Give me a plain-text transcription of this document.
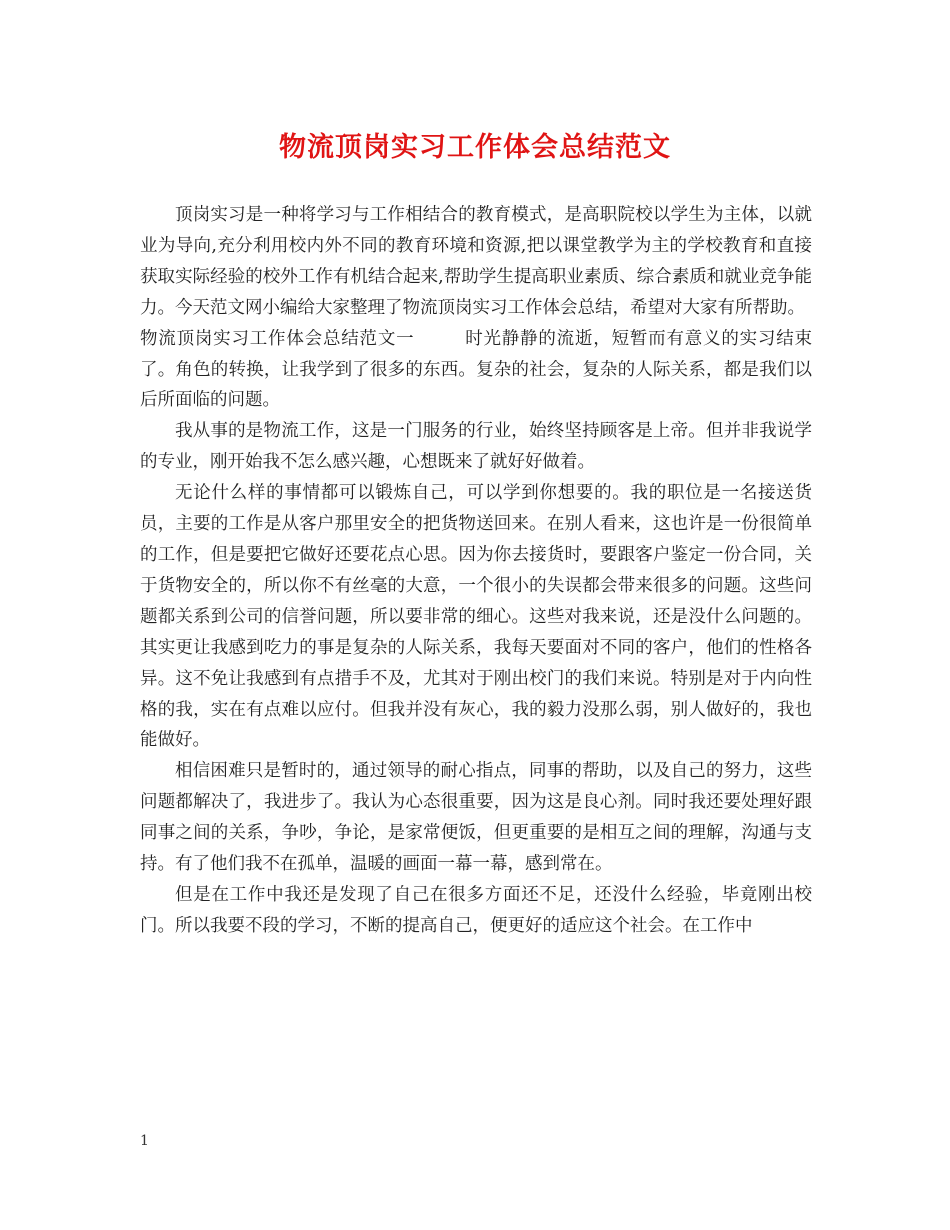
物流顶岗实习工作体会总结范文

顶岗实习是一种将学习与工作相结合的教育模式，是高职院校以学生为主体，以就业为导向,充分利用校内外不同的教育环境和资源,把以课堂教学为主的学校教育和直接获取实际经验的校外工作有机结合起来,帮助学生提高职业素质、综合素质和就业竞争能力。今天范文网小编给大家整理了物流顶岗实习工作体会总结，希望对大家有所帮助。

物流顶岗实习工作体会总结范文一	时光静静的流逝，短暂而有意义的实习结束了。角色的转换，让我学到了很多的东西。复杂的社会，复杂的人际关系，都是我们以后所面临的问题。

我从事的是物流工作，这是一门服务的行业，始终坚持顾客是上帝。但并非我说学的专业，刚开始我不怎么感兴趣，心想既来了就好好做着。

无论什么样的事情都可以锻炼自己，可以学到你想要的。我的职位是一名接送货员，主要的工作是从客户那里安全的把货物送回来。在别人看来，这也许是一份很简单的工作，但是要把它做好还要花点心思。因为你去接货时，要跟客户鉴定一份合同，关于货物安全的，所以你不有丝毫的大意，一个很小的失误都会带来很多的问题。这些问题都关系到公司的信誉问题，所以要非常的细心。这些对我来说，还是没什么问题的。其实更让我感到吃力的事是复杂的人际关系，我每天要面对不同的客户，他们的性格各异。这不免让我感到有点措手不及，尤其对于刚出校门的我们来说。特别是对于内向性格的我，实在有点难以应付。但我并没有灰心，我的毅力没那么弱，别人做好的，我也能做好。

相信困难只是暂时的，通过领导的耐心指点，同事的帮助，以及自己的努力，这些问题都解决了，我进步了。我认为心态很重要，因为这是良心剂。同时我还要处理好跟同事之间的关系，争吵，争论，是家常便饭，但更重要的是相互之间的理解，沟通与支持。有了他们我不在孤单，温暖的画面一幕一幕，感到常在。

但是在工作中我还是发现了自己在很多方面还不足，还没什么经验，毕竟刚出校门。所以我要不段的学习，不断的提高自己，便更好的适应这个社会。在工作中

1
